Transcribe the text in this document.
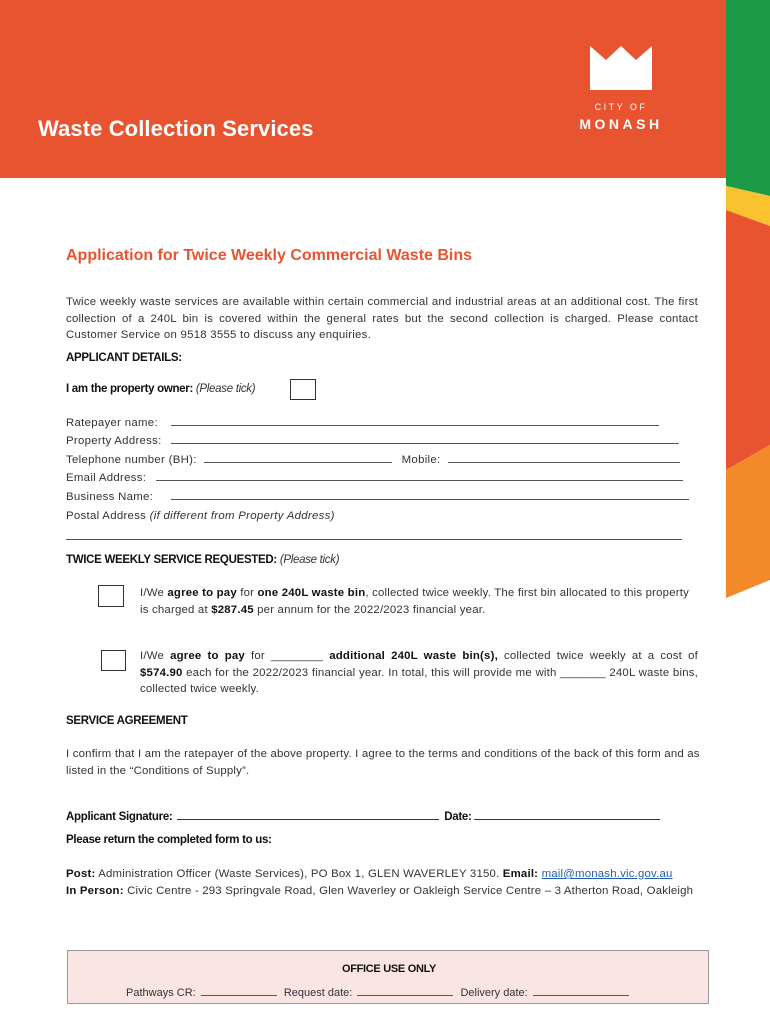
Waste Collection Services
CITY OF
MONASH
Application for Twice Weekly Commercial Waste Bins
Twice weekly waste services are available within certain commercial and industrial areas at an additional cost. The first collection of a 240L bin is covered within the general rates but the second collection is charged. Please contact Customer Service on 9518 3555 to discuss any enquiries.
APPLICANT DETAILS:
I am the property owner: (Please tick)
Ratepayer name:
Property Address:
Telephone number (BH):	Mobile:
Email Address:
Business Name:
Postal Address (if different from Property Address)
TWICE WEEKLY SERVICE REQUESTED: (Please tick)
I/We agree to pay for one 240L waste bin, collected twice weekly. The first bin allocated to this property is charged at $287.45 per annum for the 2022/2023 financial year.
I/We agree to pay for ________ additional 240L waste bin(s), collected twice weekly at a cost of $574.90 each for the 2022/2023 financial year. In total, this will provide me with _______ 240L waste bins, collected twice weekly.
SERVICE AGREEMENT
I confirm that I am the ratepayer of the above property. I agree to the terms and conditions of the back of this form and as listed in the “Conditions of Supply”.
Applicant Signature:	Date:
Please return the completed form to us:
Post: Administration Officer (Waste Services), PO Box 1, GLEN WAVERLEY 3150. Email: mail@monash.vic.gov.au
In Person: Civic Centre - 293 Springvale Road, Glen Waverley or Oakleigh Service Centre – 3 Atherton Road, Oakleigh
OFFICE USE ONLY
Pathways CR:	Request date:	Delivery date:
